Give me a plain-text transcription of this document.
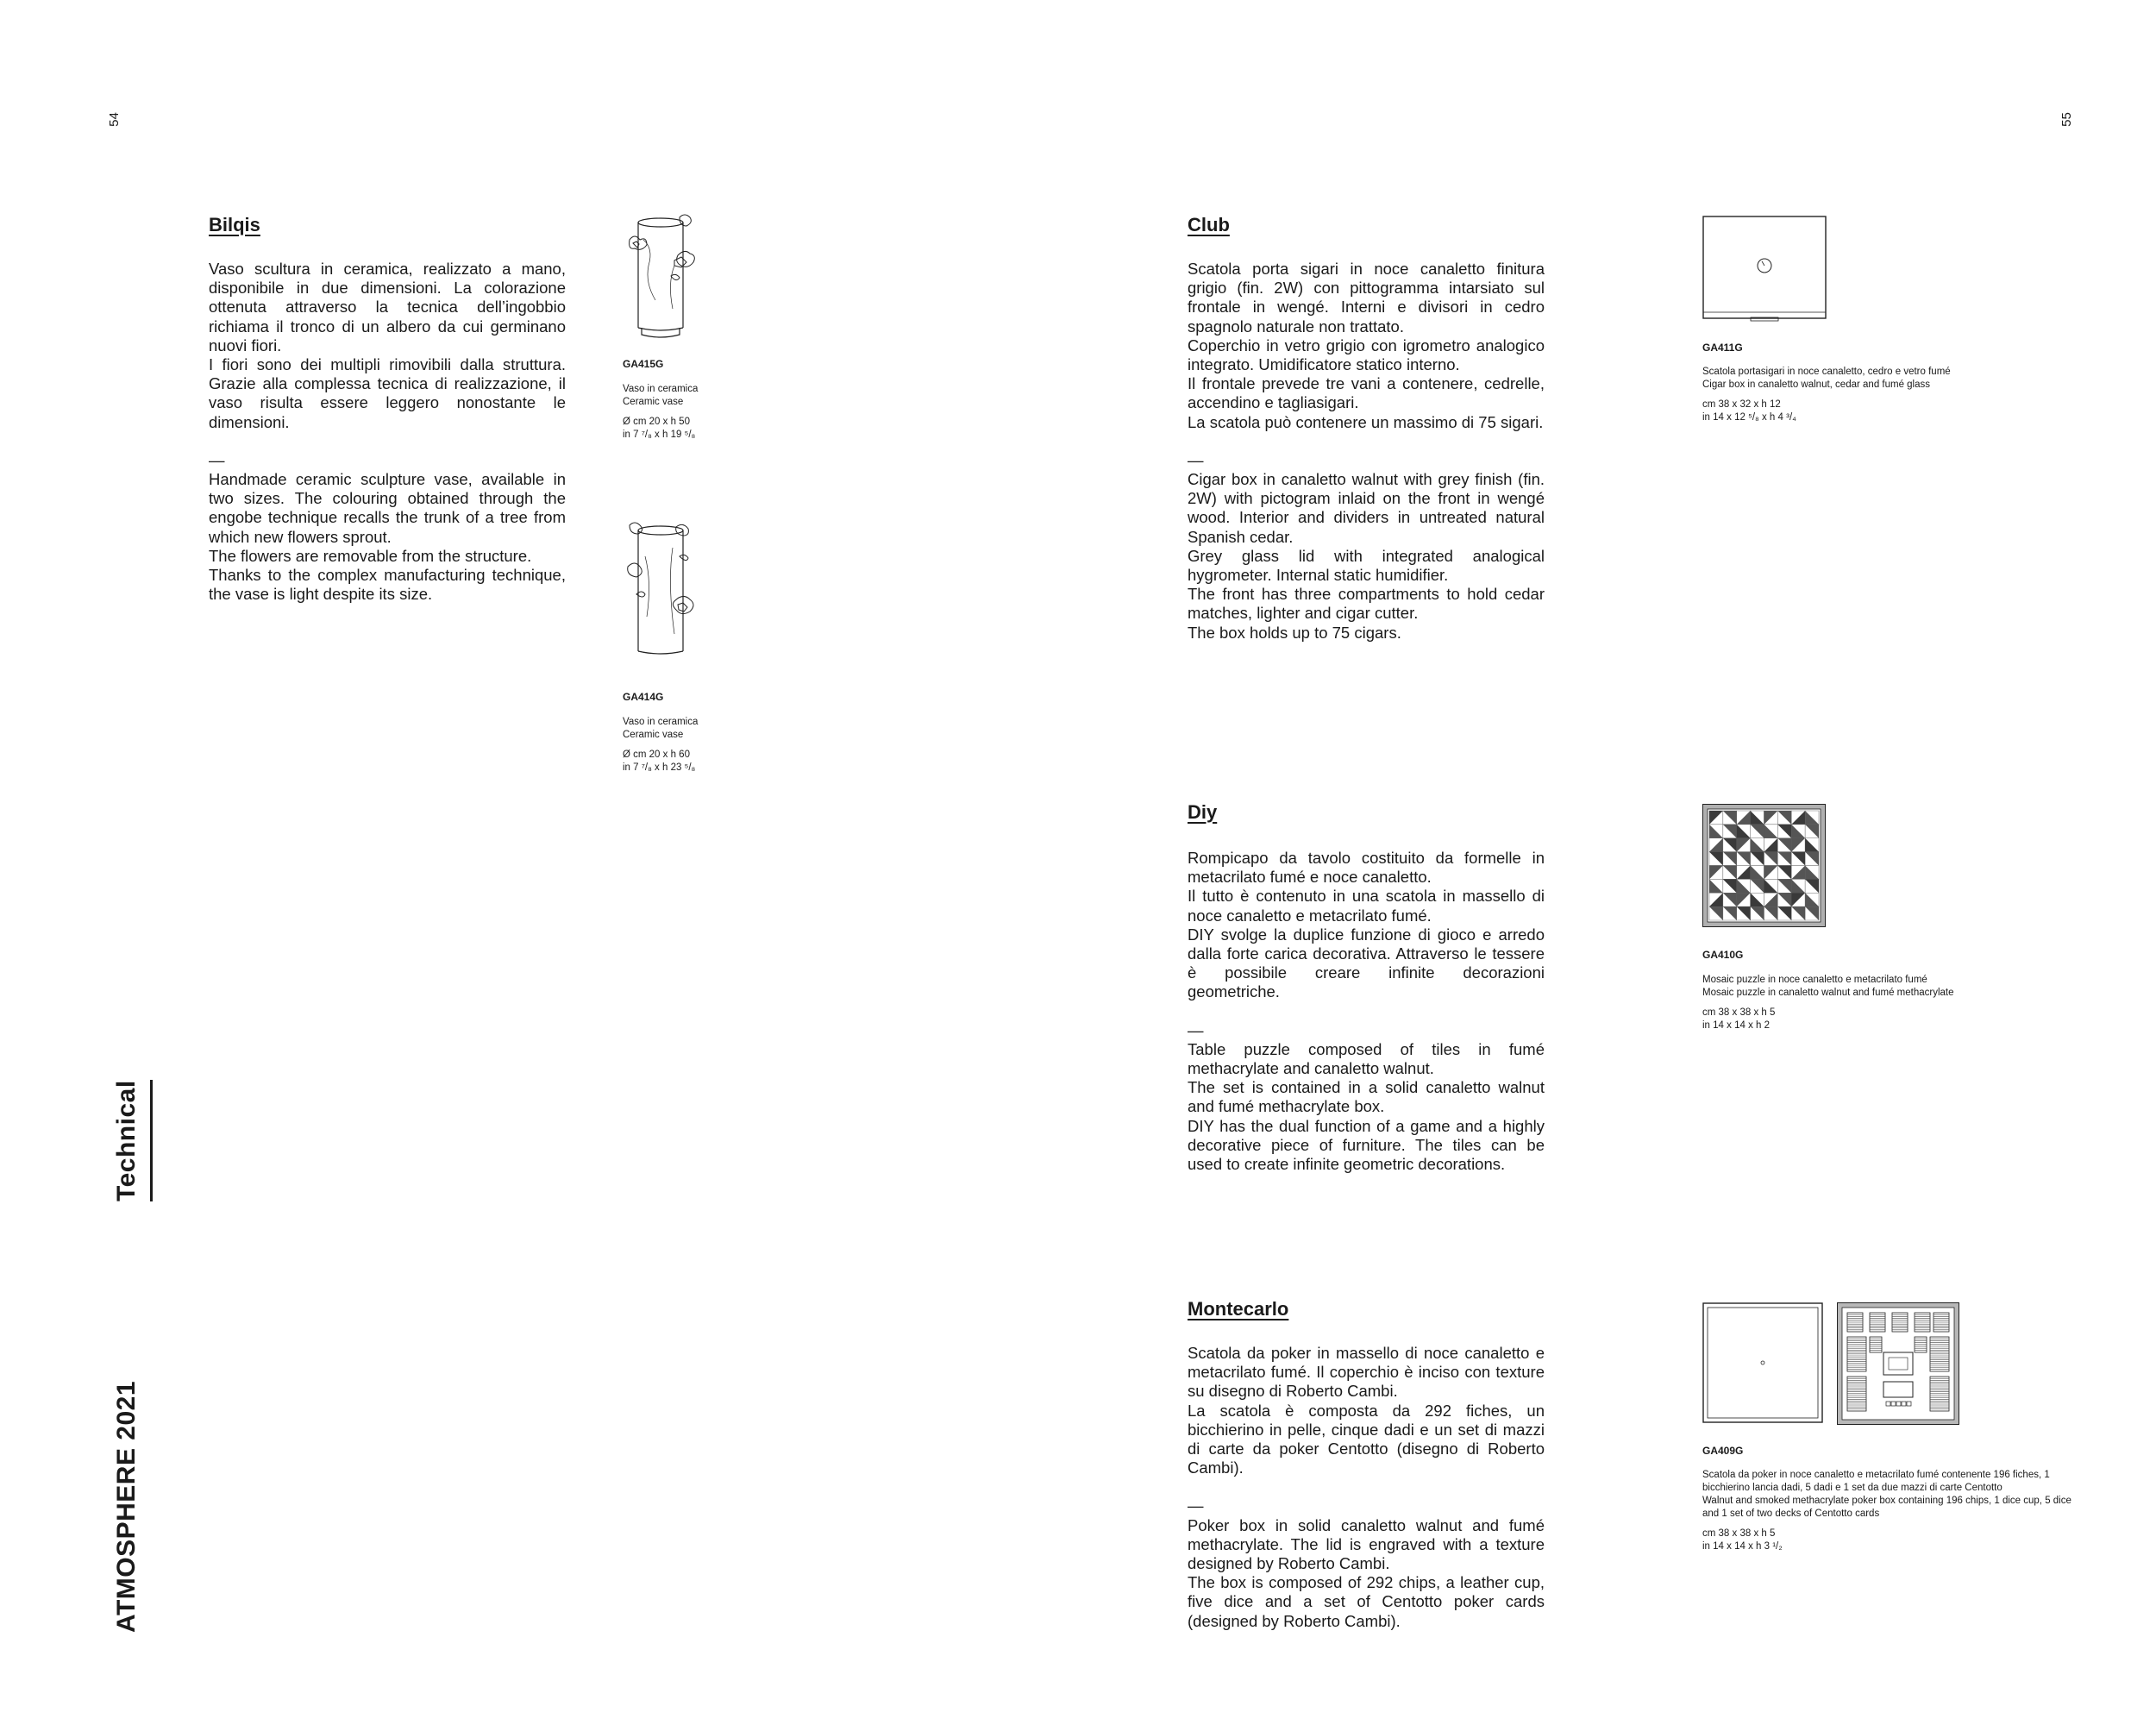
54	55
Technical
ATMOSPHERE 2021
Bilqis

Vaso scultura in ceramica, realizzato a mano, disponibile in due dimensioni. La colorazione ottenuta attraverso la tecnica dell’ingobbio richiama il tronco di un albero da cui germinano nuovi fiori.

I fiori sono dei multipli rimovibili dalla struttura. Grazie alla complessa tecnica di realizzazione, il vaso risulta essere leggero nonostante le dimensioni.

—

Handmade ceramic sculpture vase, available in two sizes. The colouring obtained through the engobe technique recalls the trunk of a tree from which new flowers sprout.

The flowers are removable from the structure.

Thanks to the complex manufacturing technique, the vase is light despite its size.

GA415G

Vaso in ceramica

Ceramic vase

Ø cm 20 x h 50

in 7 ⁷/₈ x h 19 ⁵/₈

GA414G

Vaso in ceramica

Ceramic vase

Ø cm 20 x h 60

in 7 ⁷/₈ x h 23 ⁵/₈

Club

Scatola porta sigari in noce canaletto finitura grigio (fin. 2W) con pittogramma intarsiato sul frontale in wengé. Interni e divisori in cedro spagnolo naturale non trattato.

Coperchio in vetro grigio con igrometro analogico integrato. Umidificatore statico interno.

Il frontale prevede tre vani a contenere, cedrelle, accendino e tagliasigari.

La scatola può contenere un massimo di 75 sigari.

—

Cigar box in canaletto walnut with grey finish (fin. 2W) with pictogram inlaid on the front in wengé wood. Interior and dividers in untreated natural Spanish cedar.

Grey glass lid with integrated analogical hygrometer. Internal static humidifier.

The front has three compartments to hold cedar matches, lighter and cigar cutter.

The box holds up to 75 cigars.

GA411G

Scatola portasigari in noce canaletto, cedro e vetro fumé

Cigar box in canaletto walnut, cedar and fumé glass

cm 38 x 32 x h 12

in 14 x 12 ⁵/₈ x h 4 ³/₄

Diy

Rompicapo da tavolo costituito da formelle in metacrilato fumé e noce canaletto.

Il tutto è contenuto in una scatola in massello di noce canaletto e metacrilato fumé.

DIY svolge la duplice funzione di gioco e arredo dalla forte carica decorativa. Attraverso le tessere è possibile creare infinite decorazioni geometriche.

—

Table puzzle composed of tiles in fumé methacrylate and canaletto walnut.

The set is contained in a solid canaletto walnut and fumé methacrylate box.

DIY has the dual function of a game and a highly decorative piece of furniture. The tiles can be used to create infinite geometric decorations.

GA410G

Mosaic puzzle in noce canaletto e metacrilato fumé

Mosaic puzzle in canaletto walnut and fumé methacrylate

cm 38 x 38 x h 5

in 14 x 14 x h 2

Montecarlo

Scatola da poker in massello di noce canaletto e metacrilato fumé. Il coperchio è inciso con texture su disegno di Roberto Cambi.

La scatola è composta da 292 fiches, un bicchierino in pelle, cinque dadi e un set di mazzi di carte da poker Centotto (disegno di Roberto Cambi).

—

Poker box in solid canaletto walnut and fumé methacrylate. The lid is engraved with a texture designed by Roberto Cambi.

The box is composed of 292 chips, a leather cup, five dice and a set of Centotto poker cards (designed by Roberto Cambi).

GA409G

Scatola da poker in noce canaletto e metacrilato fumé contenente 196 fiches, 1 bicchierino lancia dadi, 5 dadi e 1 set da due mazzi di carte Centotto

Walnut and smoked methacrylate poker box containing 196 chips, 1 dice cup, 5 dice and 1 set of two decks of Centotto cards

cm 38 x 38 x h 5

in 14 x 14 x h 3 ¹/₂
